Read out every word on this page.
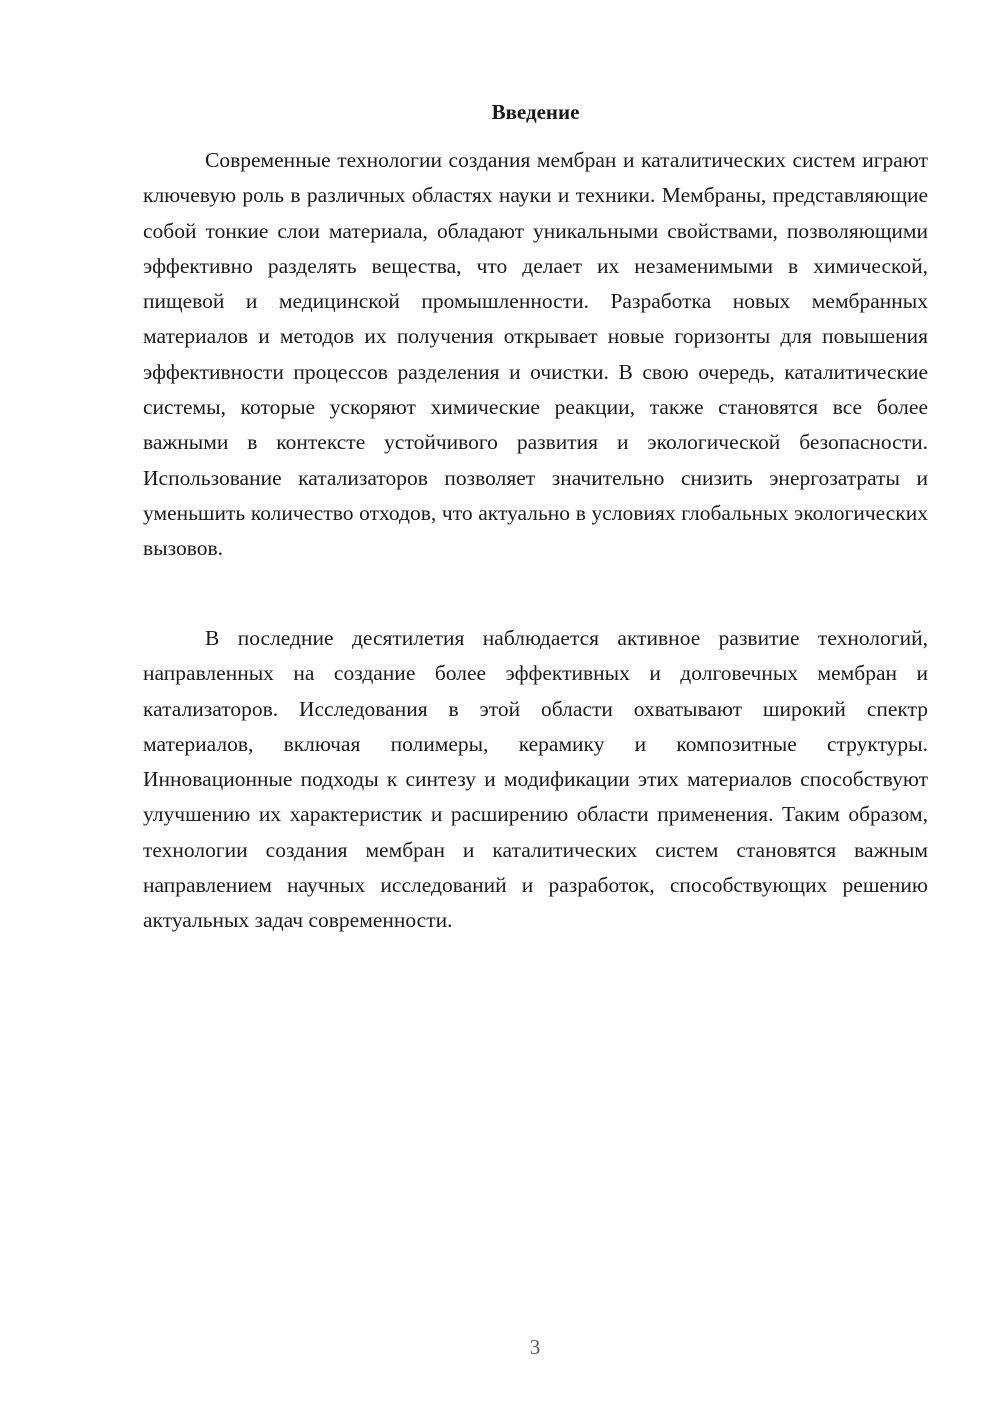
Введение

Современные технологии создания мембран и каталитических систем играют ключевую роль в различных областях науки и техники. Мембраны, представляющие собой тонкие слои материала, обладают уникальными свойствами, позволяющими эффективно разделять вещества, что делает их незаменимыми в химической, пищевой и медицинской промышленности. Разработка новых мембранных материалов и методов их получения открывает новые горизонты для повышения эффективности процессов разделения и очистки. В свою очередь, каталитические системы, которые ускоряют химические реакции, также становятся все более важными в контексте устойчивого развития и экологической безопасности. Использование катализаторов позволяет значительно снизить энергозатраты и уменьшить количество отходов, что актуально в условиях глобальных экологических вызовов.

В последние десятилетия наблюдается активное развитие технологий, направленных на создание более эффективных и долговечных мембран и катализаторов. Исследования в этой области охватывают широкий спектр материалов, включая полимеры, керамику и композитные структуры. Инновационные подходы к синтезу и модификации этих материалов способствуют улучшению их характеристик и расширению области применения. Таким образом, технологии создания мембран и каталитических систем становятся важным направлением научных исследований и разработок, способствующих решению актуальных задач современности.

3
